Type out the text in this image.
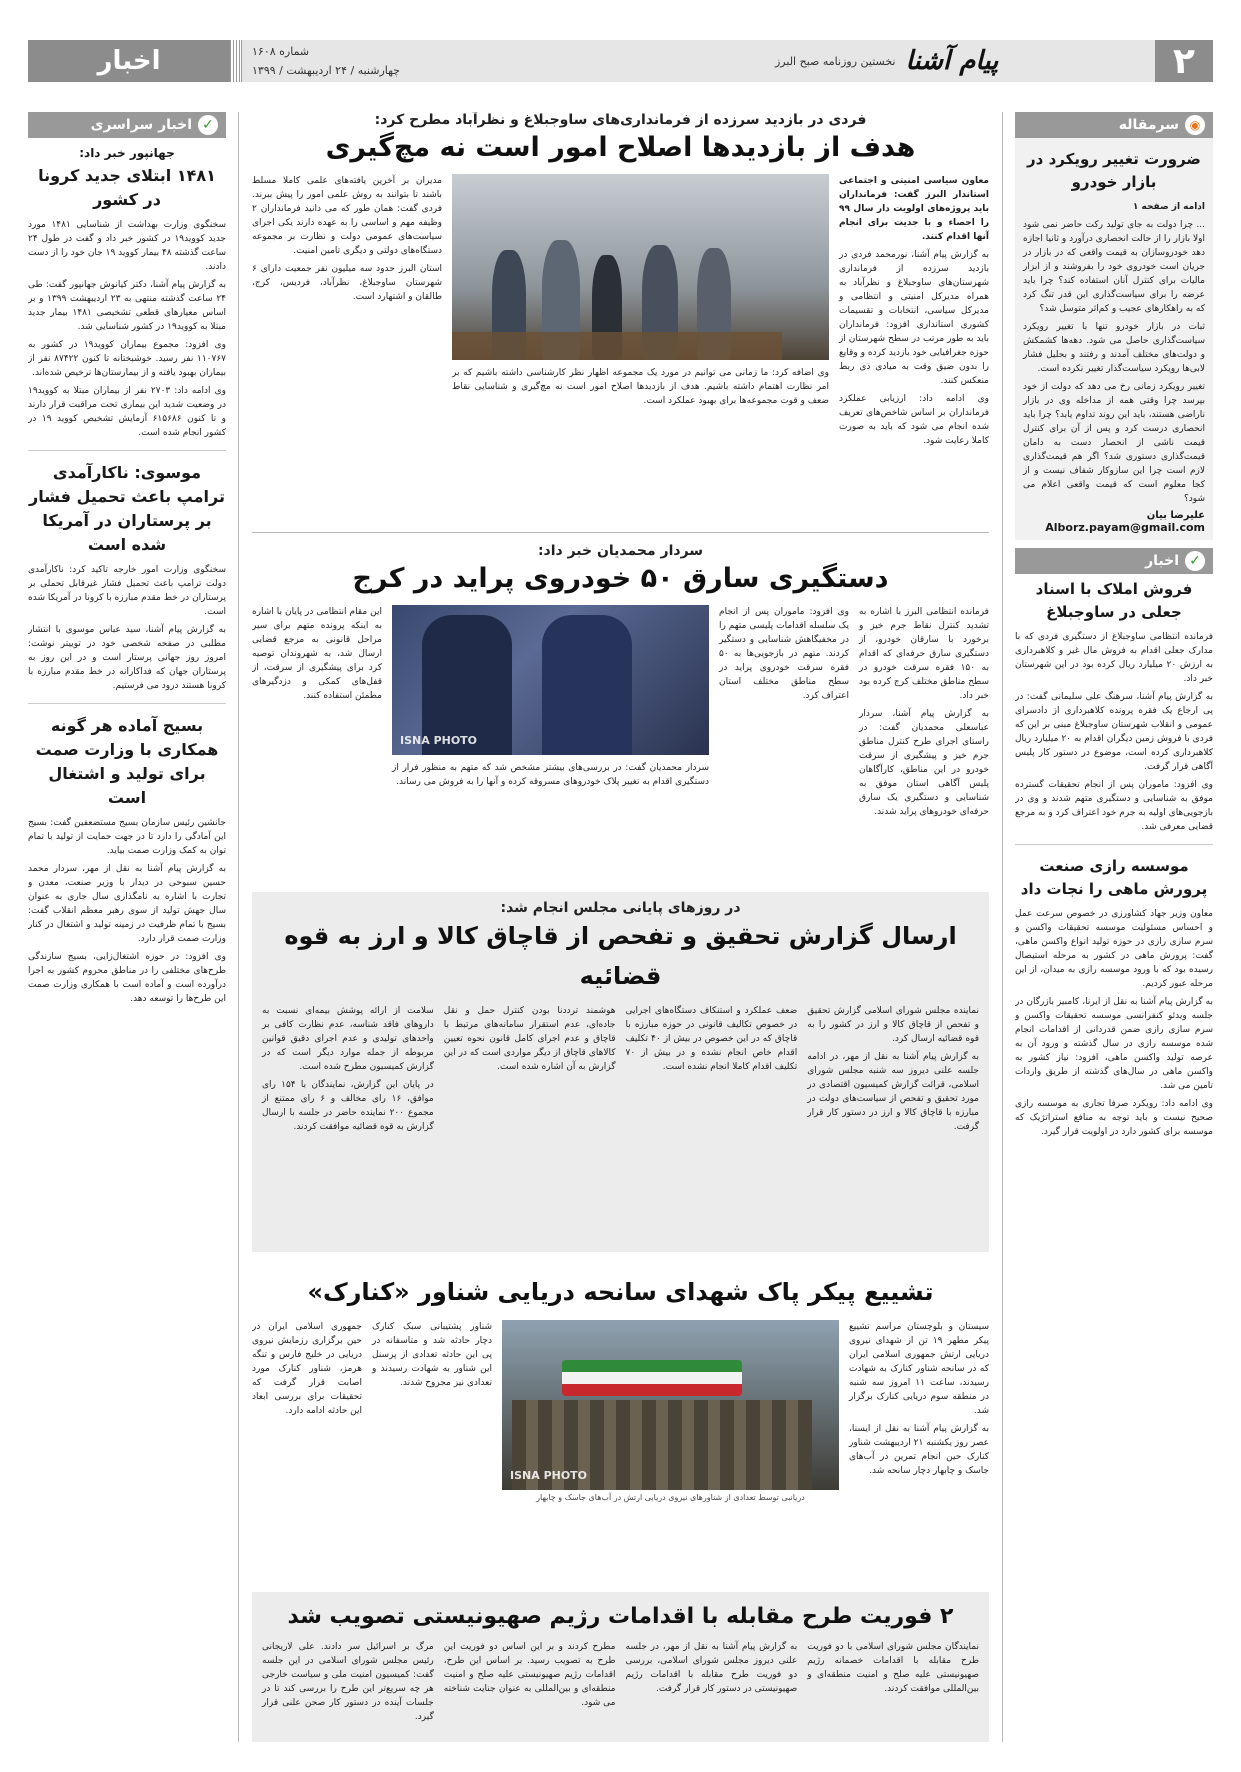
اخبار	شماره ۱۶۰۸
چهارشنبه / ۲۴ اردیبهشت / ۱۳۹۹	پیام آشنا
نخستین روزنامه صبح البرز	۲
◉
سرمقاله
ضرورت تغییر رویکرد در بازار خودرو

ادامه از صفحه ۱

... چرا دولت به جای تولید رکت حاضر نمی شود اولا بازار را از حالت انحصاری درآورد و ثانیا اجازه دهد خودروسازان به قیمت واقعی که در بازار در جریان است خودروی خود را بفروشند و از ابزار مالیات برای کنترل آنان استفاده کند؟ چرا باید عرضه را برای سیاست‌گذاری این قدر تنگ کرد که به راهکارهای عجیب و کم‌اثر متوسل شد؟

ثبات در بازار خودرو تنها با تغییر رویکرد سیاست‌گذاری حاصل می شود. دهه‌ها کشمکش و دولت‌های مختلف آمدند و رفتند و بحلیل فشار لابی‌ها رویکرد سیاست‌گذار تغییر نکرده است.

تغییر رویکرد زمانی رخ می دهد که دولت از خود بپرسد چرا وقتی همه از مداخله وی در بازار ناراضی هستند، باید این روند تداوم یابد؟ چرا باید انحصاری درست کرد و پس از آن برای کنترل قیمت ناشی از انحصار دست به دامان قیمت‌گذاری دستوری شد؟ اگر هم قیمت‌گذاری لازم است چرا این سازوکار شفاف نیست و از کجا معلوم است که قیمت واقعی اعلام می شود؟

علیرضا بیان
Alborz.payam@gmail.com
✓
اخبار
فروش املاک با اسناد جعلی در ساوجبلاغ

فرمانده انتظامی ساوجبلاغ از دستگیری فردی که با مدارک جعلی اقدام به فروش مال غیر و کلاهبرداری به ارزش ۲۰ میلیارد ریال کرده بود در این شهرستان خبر داد.

به گزارش پیام آشنا، سرهنگ علی سلیمانی گفت: در پی ارجاع یک فقره پرونده کلاهبرداری از دادسرای عمومی و انقلاب شهرستان ساوجبلاغ مبنی بر این که فردی با فروش زمین دیگران اقدام به ۲۰ میلیارد ریال کلاهبرداری کرده است، موضوع در دستور کار پلیس آگاهی قرار گرفت.

وی افزود: ماموران پس از انجام تحقیقات گسترده موفق به شناسایی و دستگیری متهم شدند و وی در بازجویی‌های اولیه به جرم خود اعتراف کرد و به مرجع قضایی معرفی شد.

موسسه رازی صنعت پرورش ماهی را نجات داد

معاون وزیر جهاد کشاورزی در خصوص سرعت عمل و احساس مسئولیت موسسه تحقیقات واکسن و سرم سازی رازی در حوزه تولید انواع واکسن ماهی، گفت: پرورش ماهی در کشور به مرحله استیصال رسیده بود که با ورود موسسه رازی به میدان، از این مرحله عبور کردیم.

به گزارش پیام آشنا به نقل از ایرنا، کامبیز بازرگان در جلسه ویدئو کنفرانسی موسسه تحقیقات واکسن و سرم سازی رازی ضمن قدردانی از اقدامات انجام شده موسسه رازی در سال گذشته و ورود آن به عرصه تولید واکسن ماهی، افزود: نیاز کشور به واکسن ماهی در سال‌های گذشته از طریق واردات تامین می شد.

وی ادامه داد: رویکرد صرفا تجاری به موسسه رازی صحیح نیست و باید توجه به منافع استراتژیک که موسسه برای کشور دارد در اولویت قرار گیرد.

✓
اخبار سراسری
جهانپور خبر داد:
۱۴۸۱ ابتلای جدید کرونا در کشور

سخنگوی وزارت بهداشت از شناسایی ۱۴۸۱ مورد جدید کووید۱۹ در کشور خبر داد و گفت در طول ۲۴ ساعت گذشته ۴۸ بیمار کووید ۱۹ جان خود را از دست دادند.

به گزارش پیام آشنا، دکتر کیانوش جهانپور گفت: طی ۲۴ ساعت گذشته منتهی به ۲۳ اردیبهشت ۱۳۹۹ و بر اساس معیارهای قطعی تشخیصی ۱۴۸۱ بیمار جدید مبتلا به کووید۱۹ در کشور شناسایی شد.

وی افزود: مجموع بیماران کووید۱۹ در کشور به ۱۱۰۷۶۷ نفر رسید. خوشبختانه تا کنون ۸۷۴۲۲ نفر از بیماران بهبود یافته و از بیمارستان‌ها ترخیص شده‌اند.

وی ادامه داد: ۲۷۰۳ نفر از بیماران مبتلا به کووید۱۹ در وضعیت شدید این بیماری تحت مراقبت قرار دارند و تا کنون ۶۱۵۶۸۶ آزمایش تشخیص کووید ۱۹ در کشور انجام شده است.

موسوی: ناکارآمدی ترامپ باعث تحمیل فشار بر پرستاران در آمریکا شده است

سخنگوی وزارت امور خارجه تاکید کرد: ناکارآمدی دولت ترامپ باعث تحمیل فشار غیرقابل تحملی بر پرستاران در خط مقدم مبارزه با کرونا در آمریکا شده است.

به گزارش پیام آشنا، سید عباس موسوی با انتشار مطلبی در صفحه شخصی خود در توییتر نوشت: امروز روز جهانی پرستار است و در این روز به پرستاران جهان که فداکارانه در خط مقدم مبارزه با کرونا هستند درود می فرستیم.

بسیج آماده هر گونه همکاری با وزارت صمت برای تولید و اشتغال است

جانشین رئیس سازمان بسیج مستضعفین گفت: بسیج این آمادگی را دارد تا در جهت حمایت از تولید با تمام توان به کمک وزارت صمت بیاید.

به گزارش پیام آشنا به نقل از مهر، سردار محمد حسین سبوحی در دیدار با وزیر صنعت، معدن و تجارت با اشاره به نامگذاری سال جاری به عنوان سال جهش تولید از سوی رهبر معظم انقلاب گفت: بسیج با تمام ظرفیت در زمینه تولید و اشتغال در کنار وزارت صمت قرار دارد.

وی افزود: در حوزه اشتغال‌زایی، بسیج سازندگی طرح‌های مختلفی را در مناطق محروم کشور به اجرا درآورده است و آماده است با همکاری وزارت صمت این طرح‌ها را توسعه دهد.

فردی در بازدید سرزده از فرمانداری‌های ساوجبلاغ و نظرآباد مطرح کرد:
هدف از بازدیدها اصلاح امور است نه مچ‌گیری

معاون سیاسی امنیتی و اجتماعی استاندار البرز گفت: فرمانداران باید پروژه‌های اولویت دار سال ۹۹ را احصاء و با جدیت برای انجام آنها اقدام کنند.

به گزارش پیام آشنا، نورمحمد فردی در بازدید سرزده از فرمانداری شهرستان‌های ساوجبلاغ و نظرآباد به همراه مدیرکل امنیتی و انتظامی و مدیرکل سیاسی، انتخابات و تقسیمات کشوری استانداری افزود: فرمانداران باید به طور مرتب در سطح شهرستان از حوزه جغرافیایی خود بازدید کرده و وقایع را بدون ضیق وقت به میادی ذی ربط منعکس کنند.

وی ادامه داد: ارزیابی عملکرد فرمانداران بر اساس شاخص‌های تعریف شده انجام می شود که باید به صورت کاملا رعایت شود.

وی اضافه کرد: ما زمانی می توانیم در مورد یک مجموعه اظهار نظر کارشناسی داشته باشیم که بر امر نظارت اهتمام داشته باشیم. هدف از بازدیدها اصلاح امور است نه مچ‌گیری و شناسایی نقاط ضعف و قوت مجموعه‌ها برای بهبود عملکرد است.

مدیران بر آخرین یافته‌های علمی کاملا مسلط باشند تا بتوانند به روش علمی امور را پیش ببرند. فردی گفت: همان طور که می دانید فرمانداران ۲ وظیفه مهم و اساسی را به عهده دارند یکی اجرای سیاست‌های عمومی دولت و نظارت بر مجموعه دستگاه‌های دولتی و دیگری تامین امنیت.

استان البرز حدود سه میلیون نفر جمعیت دارای ۶ شهرستان ساوجبلاغ، نظرآباد، فردیس، کرج، طالقان و اشتهارد است.

سردار محمدیان خبر داد:
دستگیری سارق ۵۰ خودروی پراید در کرج

فرمانده انتظامی البرز با اشاره به تشدید کنترل نقاط جرم خیز و برخورد با سارقان خودرو، از دستگیری سارق حرفه‌ای که اقدام به ۱۵۰ فقره سرقت خودرو در سطح مناطق مختلف کرج کرده بود خبر داد.

به گزارش پیام آشنا، سردار عباسعلی محمدیان گفت: در راستای اجرای طرح کنترل مناطق جرم خیز و پیشگیری از سرقت خودرو در این مناطق، کارآگاهان پلیس آگاهی استان موفق به شناسایی و دستگیری یک سارق حرفه‌ای خودروهای پراید شدند.

وی افزود: ماموران پس از انجام یک سلسله اقدامات پلیسی متهم را در مخفیگاهش شناسایی و دستگیر کردند. متهم در بازجویی‌ها به ۵۰ فقره سرقت خودروی پراید در سطح مناطق مختلف استان اعتراف کرد.

ISNA PHOTO

سردار محمدیان گفت: در بررسی‌های بیشتر مشخص شد که متهم به منظور فرار از دستگیری اقدام به تغییر پلاک خودروهای مسروقه کرده و آنها را به فروش می رساند.

این مقام انتظامی در پایان با اشاره به اینکه پرونده متهم برای سیر مراحل قانونی به مرجع قضایی ارسال شد، به شهروندان توصیه کرد برای پیشگیری از سرقت، از قفل‌های کمکی و دزدگیرهای مطمئن استفاده کنند.

در روزهای پایانی مجلس انجام شد:
ارسال گزارش تحقیق و تفحص از قاچاق کالا و ارز به قوه قضائیه

نماینده مجلس شورای اسلامی گزارش تحقیق و تفحص از قاچاق کالا و ارز در کشور را به قوه قضائیه ارسال کرد.

به گزارش پیام آشنا به نقل از مهر، در ادامه جلسه علنی دیروز سه شنبه مجلس شورای اسلامی، قرائت گزارش کمیسیون اقتصادی در مورد تحقیق و تفحص از سیاست‌های دولت در مبارزه با قاچاق کالا و ارز در دستور کار قرار گرفت.

ضعف عملکرد و استنکاف دستگاه‌های اجرایی در خصوص تکالیف قانونی در حوزه مبارزه با قاچاق که در این خصوص در بیش از ۴۰ تکلیف اقدام خاص انجام نشده و در بیش از ۷۰ تکلیف اقدام کاملا انجام نشده است.

هوشمند ترددنا بودن کنترل حمل و نقل جاده‌ای، عدم استقرار سامانه‌های مرتبط با قاچاق و عدم اجرای کامل قانون نحوه تعیین کالاهای قاچاق از دیگر مواردی است که در این گزارش به آن اشاره شده است.

سلامت از ارائه پوشش بیمه‌ای نسبت به داروهای فاقد شناسه، عدم نظارت کافی بر واحدهای تولیدی و عدم اجرای دقیق قوانین مربوطه از جمله موارد دیگر است که در گزارش کمیسیون مطرح شده است.

در پایان این گزارش، نمایندگان با ۱۵۴ رای موافق، ۱۶ رای مخالف و ۶ رای ممتنع از مجموع ۲۰۰ نماینده حاضر در جلسه با ارسال گزارش به قوه قضائیه موافقت کردند.

تشییع پیکر پاک شهدای سانحه دریایی شناور «کنارک»

سیستان و بلوچستان مراسم تشییع پیکر مطهر ۱۹ تن از شهدای نیروی دریایی ارتش جمهوری اسلامی ایران که در سانحه شناور کنارک به شهادت رسیدند، ساعت ۱۱ امروز سه شنبه در منطقه سوم دریایی کنارک برگزار شد.

به گزارش پیام آشنا به نقل از ایسنا، عصر روز یکشنبه ۲۱ اردیبهشت شناور کنارک حین انجام تمرین در آب‌های جاسک و چابهار دچار سانحه شد.

ISNA PHOTO
دریانبی توسط تعدادی از شناورهای نیروی دریایی ارتش در آب‌های جاسک و چابهار

شناور پشتیبانی سبک کنارک دچار حادثه شد و متاسفانه در پی این حادثه تعدادی از پرسنل این شناور به شهادت رسیدند و تعدادی نیز مجروح شدند.

جمهوری اسلامی ایران در حین برگزاری رزمایش نیروی دریایی در خلیج فارس و تنگه هرمز، شناور کنارک مورد اصابت قرار گرفت که تحقیقات برای بررسی ابعاد این حادثه ادامه دارد.

۲ فوریت طرح مقابله با اقدامات رژیم صهیونیستی تصویب شد

نمایندگان مجلس شورای اسلامی با دو فوریت طرح مقابله با اقدامات خصمانه رژیم صهیونیستی علیه صلح و امنیت منطقه‌ای و بین‌المللی موافقت کردند.

به گزارش پیام آشنا به نقل از مهر، در جلسه علنی دیروز مجلس شورای اسلامی، بررسی دو فوریت طرح مقابله با اقدامات رژیم صهیونیستی در دستور کار قرار گرفت.

مطرح کردند و بر این اساس دو فوریت این طرح به تصویب رسید. بر اساس این طرح، اقدامات رژیم صهیونیستی علیه صلح و امنیت منطقه‌ای و بین‌المللی به عنوان جنایت شناخته می شود.

مرگ بر اسرائیل سر دادند. علی لاریجانی رئیس مجلس شورای اسلامی در این جلسه گفت: کمیسیون امنیت ملی و سیاست خارجی هر چه سریع‌تر این طرح را بررسی کند تا در جلسات آینده در دستور کار صحن علنی قرار گیرد.
